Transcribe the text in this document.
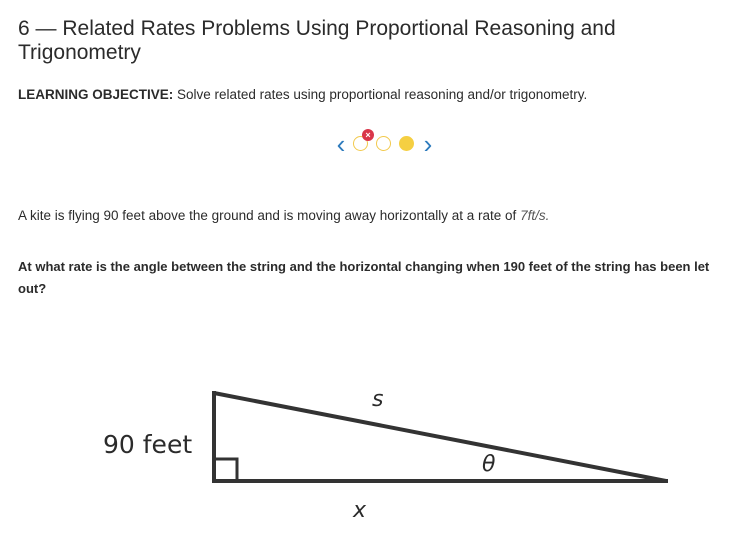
6 — Related Rates Problems Using Proportional Reasoning and Trigonometry
LEARNING OBJECTIVE: Solve related rates using proportional reasoning and/or trigonometry.
‹	× ›
A kite is flying 90 feet above the ground and is moving away horizontally at a rate of 7ft/s.
At what rate is the angle between the string and the horizontal changing when 190 feet of the string has been let out?
90 feet
s
θ
x
